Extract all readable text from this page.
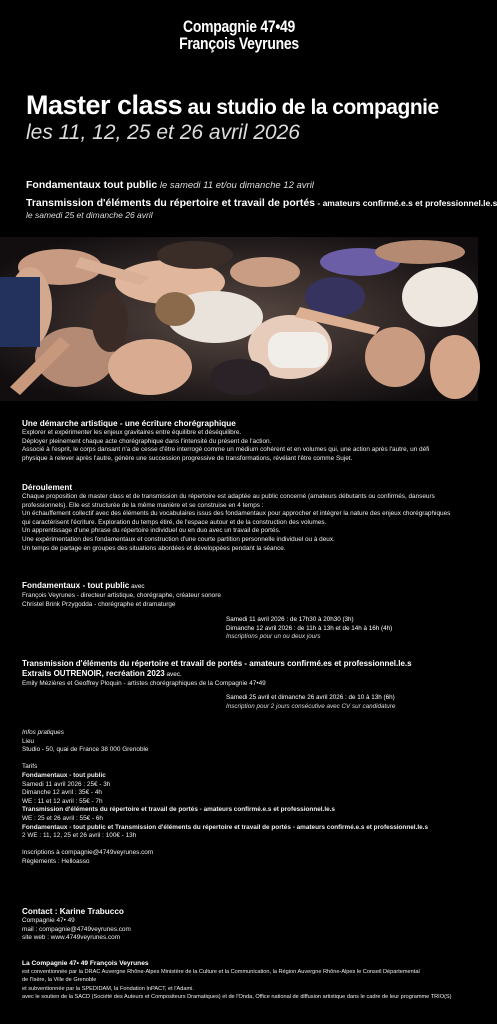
Compagnie 47•49
François Veyrunes
Master class au studio de la compagnie
les 11, 12, 25 et 26 avril 2026
Fondamentaux tout public le samedi 11 et/ou dimanche 12 avril
Transmission d'éléments du répertoire et travail de portés - amateurs confirmé.e.s et professionnel.le.s
le samedi 25 et dimanche 26 avril
Une démarche artistique - une écriture chorégraphique

Explorer et expérimenter les enjeux gravitaires entre équilibre et déséquilibre.

Déployer pleinement chaque acte chorégraphique dans l'intensité du présent de l'action.

Associé à l'esprit, le corps dansant n'a de cesse d'être interrogé comme un médium cohérent et en volumes qui, une action après l'autre, un défi

physique à relever après l'autre, génère une succession progressive de transformations, révélant l'être comme Sujet.

Déroulement

Chaque proposition de master class et de transmission du répertoire est adaptée au public concerné (amateurs débutants ou confirmés, danseurs

professionnels). Elle est structurée de la même manière et se construise en 4 temps :

Un échauffement collectif avec des éléments du vocabulaires issus des fondamentaux pour approcher et intégrer la nature des enjeux chorégraphiques

qui caractérisent l'écriture. Exploration du temps étiré, de l'espace autour et de la construction des volumes.

Un apprentissage d'une phrase du répertoire individuel ou en duo avec un travail de portés.

Une expérimentation des fondamentaux et construction d'une courte partition personnelle individuel ou à deux.

Un temps de partage en groupes des situations abordées et développées pendant la séance.

Fondamentaux - tout public avec

François Veyrunes - directeur artistique, chorégraphe, créateur sonore

Christel Brink Przygodda - chorégraphe et dramaturge

Samedi 11 avril 2026 : de 17h30 à 20h30 (3h)
Dimanche 12 avril 2026 : de 11h à 13h et de 14h à 16h (4h)
Inscriptions pour un ou deux jours
Transmission d'éléments du répertoire et travail de portés - amateurs confirmé.es et professionnel.le.s
Extraits OUTRENOIR, recréation 2023 avec.

Emily Mézières et Geoffrey Ploquin - artistes chorégraphiques de la Compagnie 47•49

Samedi 25 avril et dimanche 26 avril 2026 : de 10 à 13h (6h)
Inscription pour 2 jours consécutive avec CV sur candidature

Infos pratiques

Lieu

Studio - 50, quai de France 38 000 Grenoble

Tarifs

Fondamentaux - tout public

Samedi 11 avril 2026 : 25€ - 3h

Dimanche 12 avril : 35€ - 4h

WE : 11 et 12 avril : 55€ - 7h

Transmission d'éléments du répertoire et travail de portés - amateurs confirmé.e.s et professionnel.le.s

WE : 25 et 26 avril : 55€ - 6h

Fondamentaux - tout public et Transmission d'éléments du répertoire et travail de portés - amateurs confirmé.e.s et professionnel.le.s

2 WE : 11, 12, 25 et 26 avril : 100€ - 13h

Inscriptions à compagnie@4749veyrunes.com

Règlements : Helloasso

Contact : Karine Trabucco

Compagnie 47• 49

mail : compagnie@4749veyrunes.com

site web : www.4749veyrunes.com

La Compagnie 47• 49 François Veyrunes

est conventionnée par la DRAC Auvergne Rhône-Alpes Ministère de la Culture et la Communication, la Région Auvergne Rhône-Alpes le Conseil Départemental

de l'Isère, la Ville de Grenoble

et subventionnée par la SPEDIDAM, la Fondation InPACT, et l'Adami.

avec le soutien de la SACD (Société des Auteurs et Compositeurs Dramatiques) et de l'Onda, Office national de diffusion artistique dans le cadre de leur programme TRIO(S)
